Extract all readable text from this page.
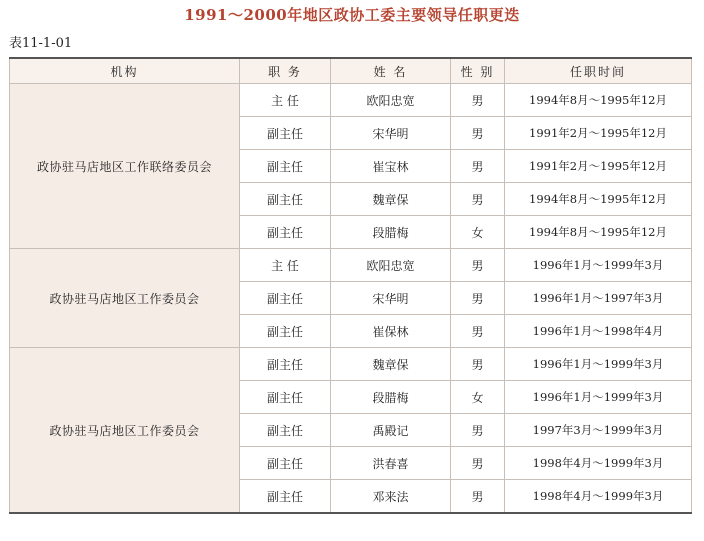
1991～2000年地区政协工委主要领导任职更迭
表11-1-01
机构	职 务	姓 名	性 别	任职时间
政协驻马店地区工作联络委员会	主 任	欧阳忠宽	男	1994年8月～1995年12月
	副主任	宋华明	男	1991年2月～1995年12月
	副主任	崔宝林	男	1991年2月～1995年12月
	副主任	魏章保	男	1994年8月～1995年12月
	副主任	段腊梅	女	1994年8月～1995年12月
政协驻马店地区工作委员会	主 任	欧阳忠宽	男	1996年1月～1999年3月
	副主任	宋华明	男	1996年1月～1997年3月
	副主任	崔保林	男	1996年1月～1998年4月
政协驻马店地区工作委员会	副主任	魏章保	男	1996年1月～1999年3月
	副主任	段腊梅	女	1996年1月～1999年3月
	副主任	禹殿记	男	1997年3月～1999年3月
	副主任	洪春喜	男	1998年4月～1999年3月
	副主任	邓来法	男	1998年4月～1999年3月
